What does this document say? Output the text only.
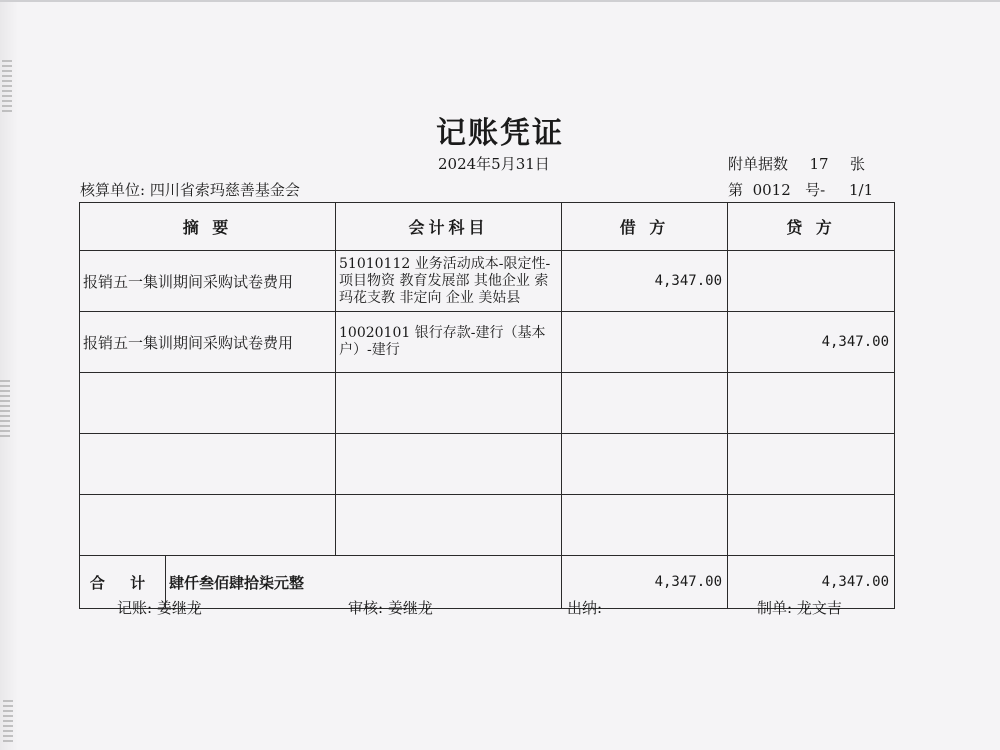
记账凭证
2024年5月31日	附单据数 17 张
核算单位: 四川省索玛慈善基金会	第 0012 号- 1/1
摘 要		会计科目	借 方	贷 方
报销五一集训期间采购试卷费用		51010112 业务活动成本-限定性-项目物资 教育发展部 其他企业 索玛花支教 非定向 企业 美姑县	4,347.00	
报销五一集训期间采购试卷费用		10020101 银行存款-建行（基本户）-建行		4,347.00

合 计	肆仟叁佰肆拾柒元整		4,347.00	4,347.00
记账: 姜继龙	审核: 姜继龙	出纳:	制单: 龙文吉
